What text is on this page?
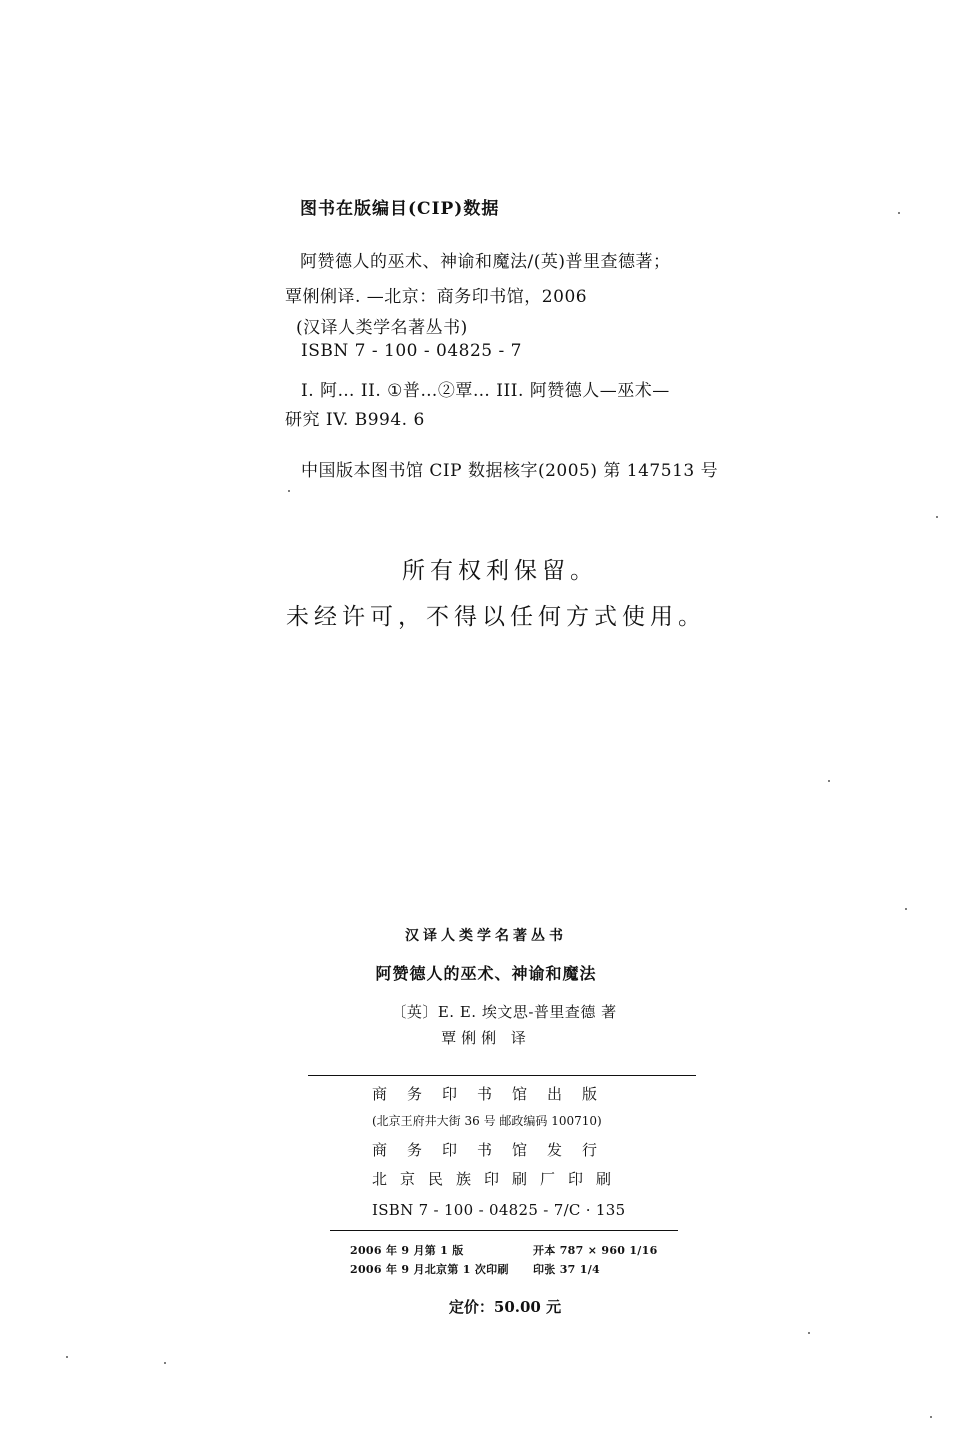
图书在版编目(CIP)数据
阿赞德人的巫术、神谕和魔法/(英)普里查德著；
覃俐俐译. —北京：商务印书馆，2006
(汉译人类学名著丛书)
ISBN 7 - 100 - 04825 - 7
I. 阿… II. ①普…②覃… III. 阿赞德人—巫术—
研究 IV. B994. 6
中国版本图书馆 CIP 数据核字(2005) 第 147513 号
所有权利保留。
未经许可，不得以任何方式使用。
汉译人类学名著丛书
阿赞德人的巫术、神谕和魔法
〔英〕E. E. 埃文思-普里查德 著
覃俐俐 译
商务印书馆出版
(北京王府井大街 36 号 邮政编码 100710)
商务印书馆发行
北京民族印刷厂印刷
ISBN 7 - 100 - 04825 - 7/C · 135
2006 年 9 月第 1 版	开本 787 × 960 1/16
2006 年 9 月北京第 1 次印刷 印张 37 1/4
定价：50.00 元
